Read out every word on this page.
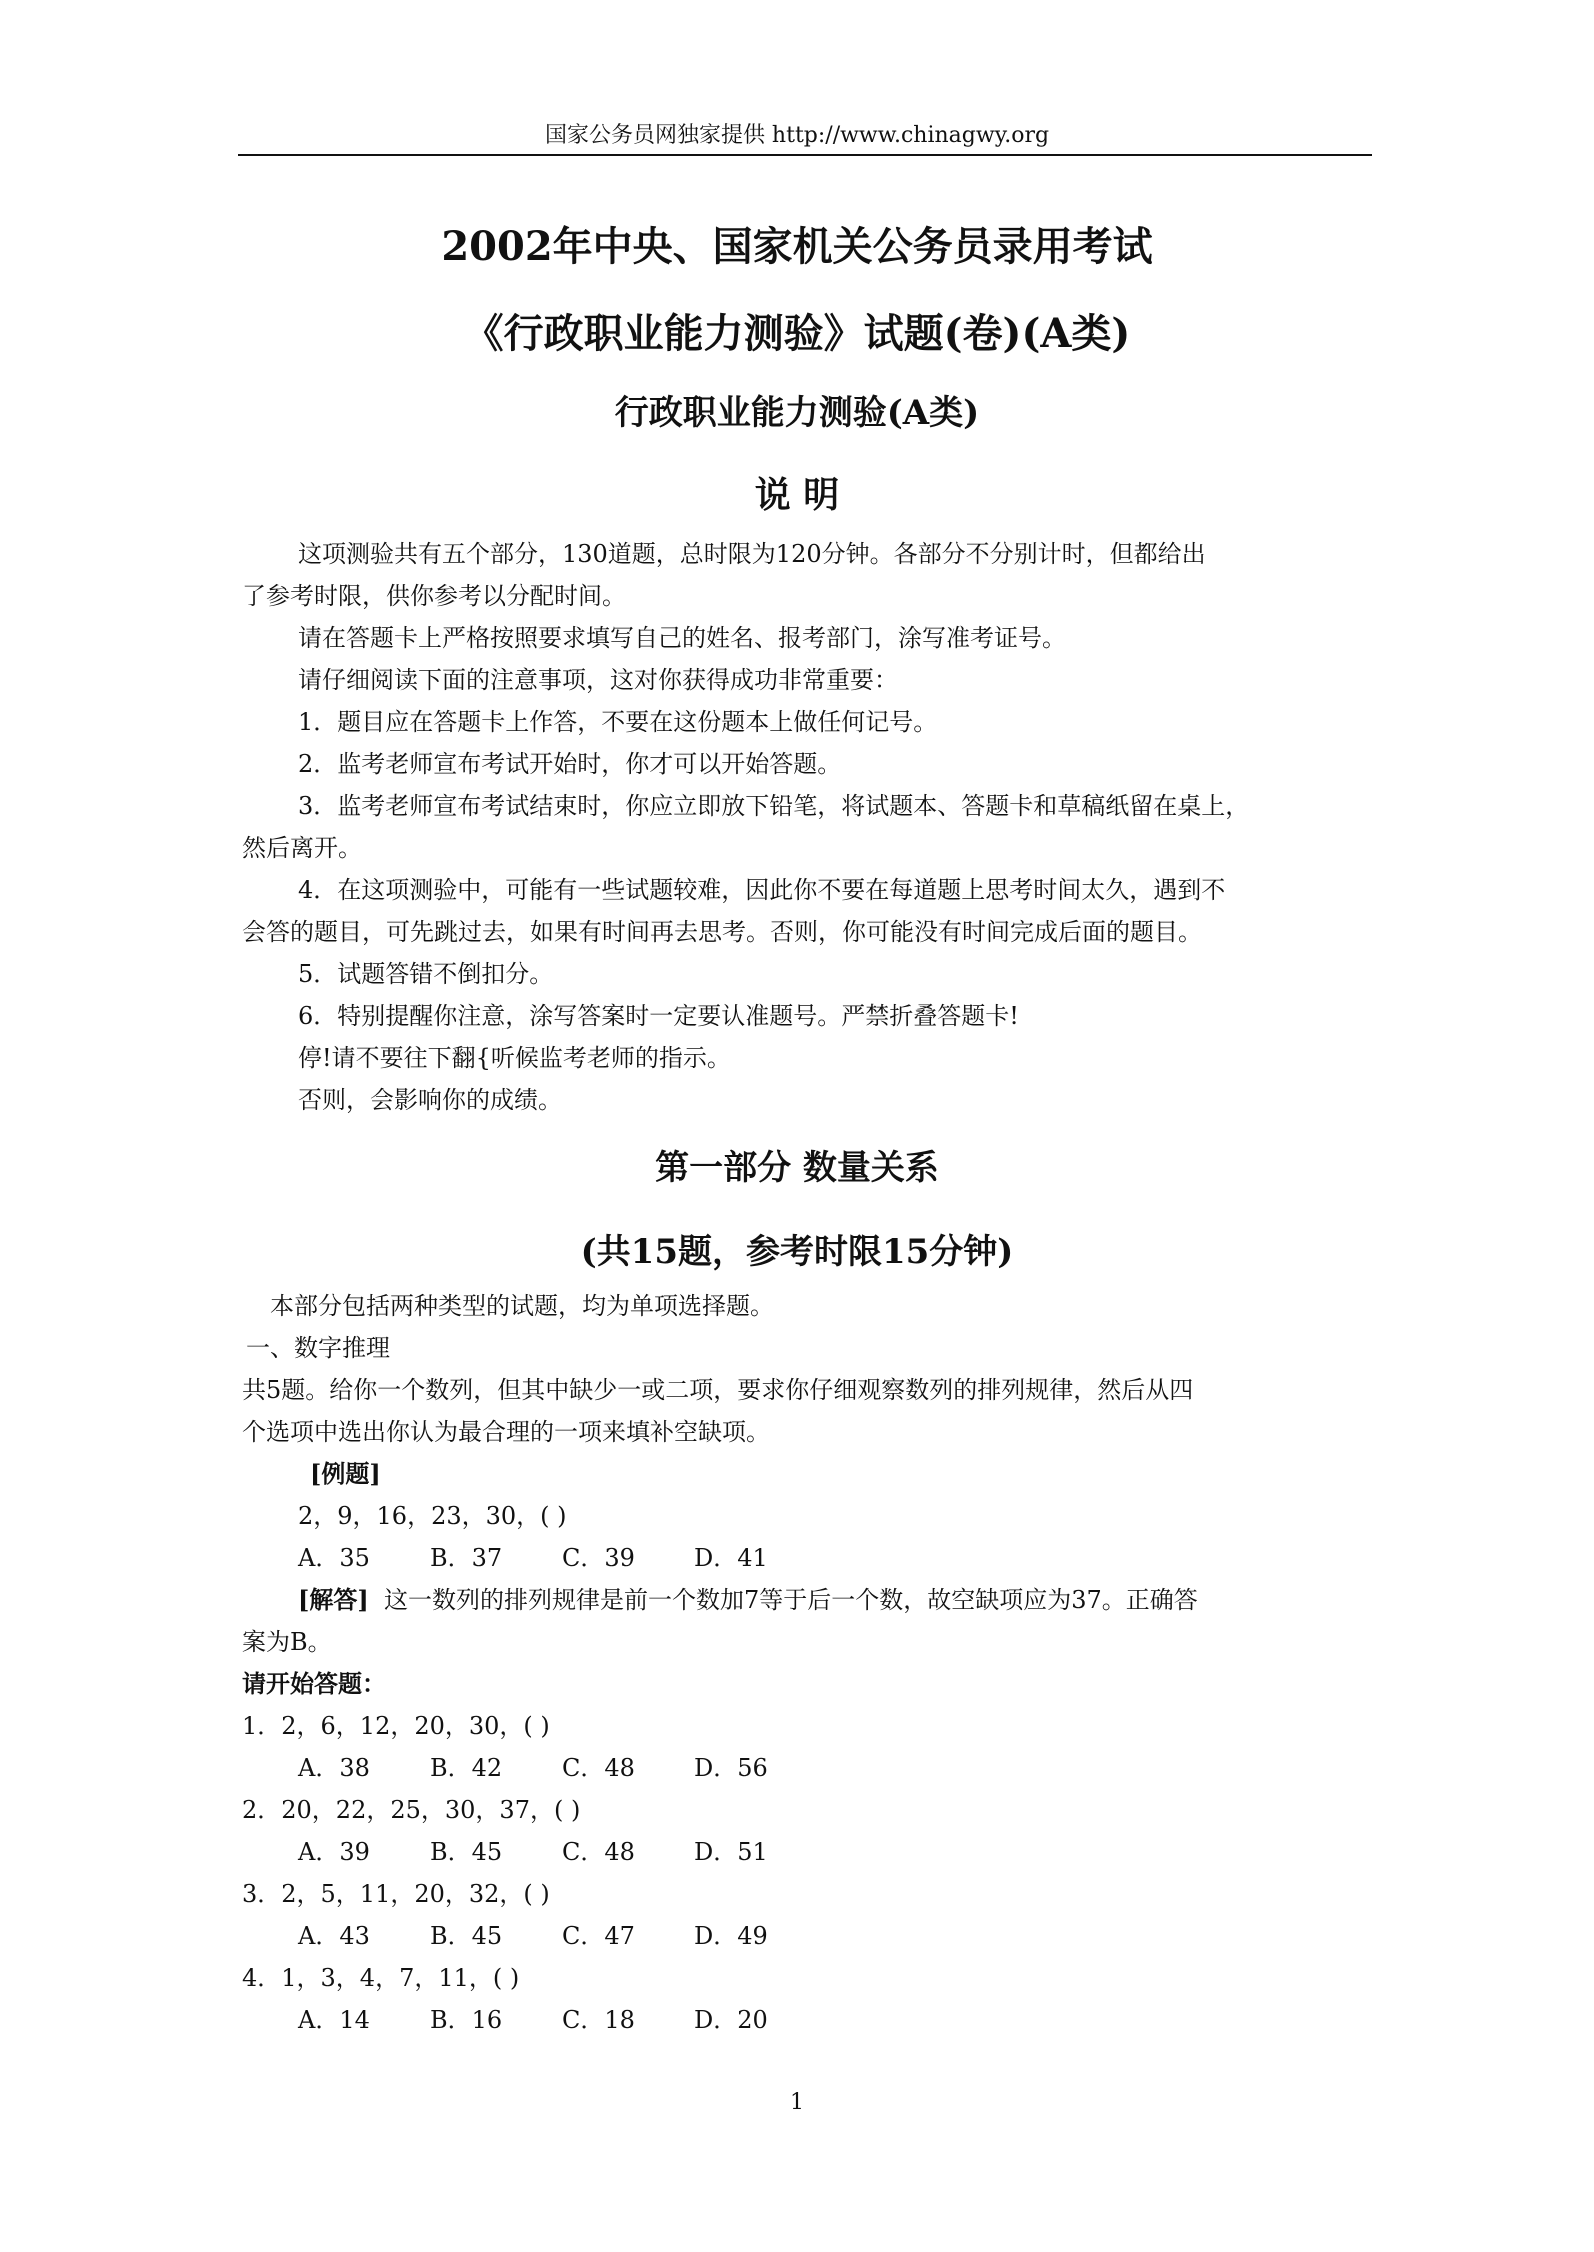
国家公务员网独家提供 http://www.chinagwy.org
2002年中央、国家机关公务员录用考试
《行政职业能力测验》试题(卷)(A类)
行政职业能力测验(A类)
说 明
这项测验共有五个部分，130道题，总时限为120分钟。各部分不分别计时，但都给出
了参考时限，供你参考以分配时间。
请在答题卡上严格按照要求填写自己的姓名、报考部门，涂写准考证号。
请仔细阅读下面的注意事项，这对你获得成功非常重要：
1．题目应在答题卡上作答，不要在这份题本上做任何记号。
2．监考老师宣布考试开始时，你才可以开始答题。
3．监考老师宣布考试结束时，你应立即放下铅笔，将试题本、答题卡和草稿纸留在桌上，
然后离开。
4．在这项测验中，可能有一些试题较难，因此你不要在每道题上思考时间太久，遇到不
会答的题目，可先跳过去，如果有时间再去思考。否则，你可能没有时间完成后面的题目。
5．试题答错不倒扣分。
6．特别提醒你注意，涂写答案时一定要认准题号。严禁折叠答题卡!
停!请不要往下翻{听候监考老师的指示。
否则，会影响你的成绩。
第一部分 数量关系
(共15题，参考时限15分钟)
本部分包括两种类型的试题，均为单项选择题。
一、数字推理
共5题。给你一个数列，但其中缺少一或二项，要求你仔细观察数列的排列规律，然后从四
个选项中选出你认为最合理的一项来填补空缺项。
[例题]
2，9，16，23，30，( )
A．35	B．37 C．39 D．41
[解答] 这一数列的排列规律是前一个数加7等于后一个数，故空缺项应为37。正确答
案为B。
请开始答题：
1．2，6，12，20，30，( )
A．38	B．42 C．48 D．56
2．20，22，25，30，37，( )
A．39	B．45 C．48 D．51
3．2，5，11，20，32，( )
A．43	B．45 C．47 D．49
4．1，3，4，7，11，( )
A．14	B．16 C．18 D．20
1
